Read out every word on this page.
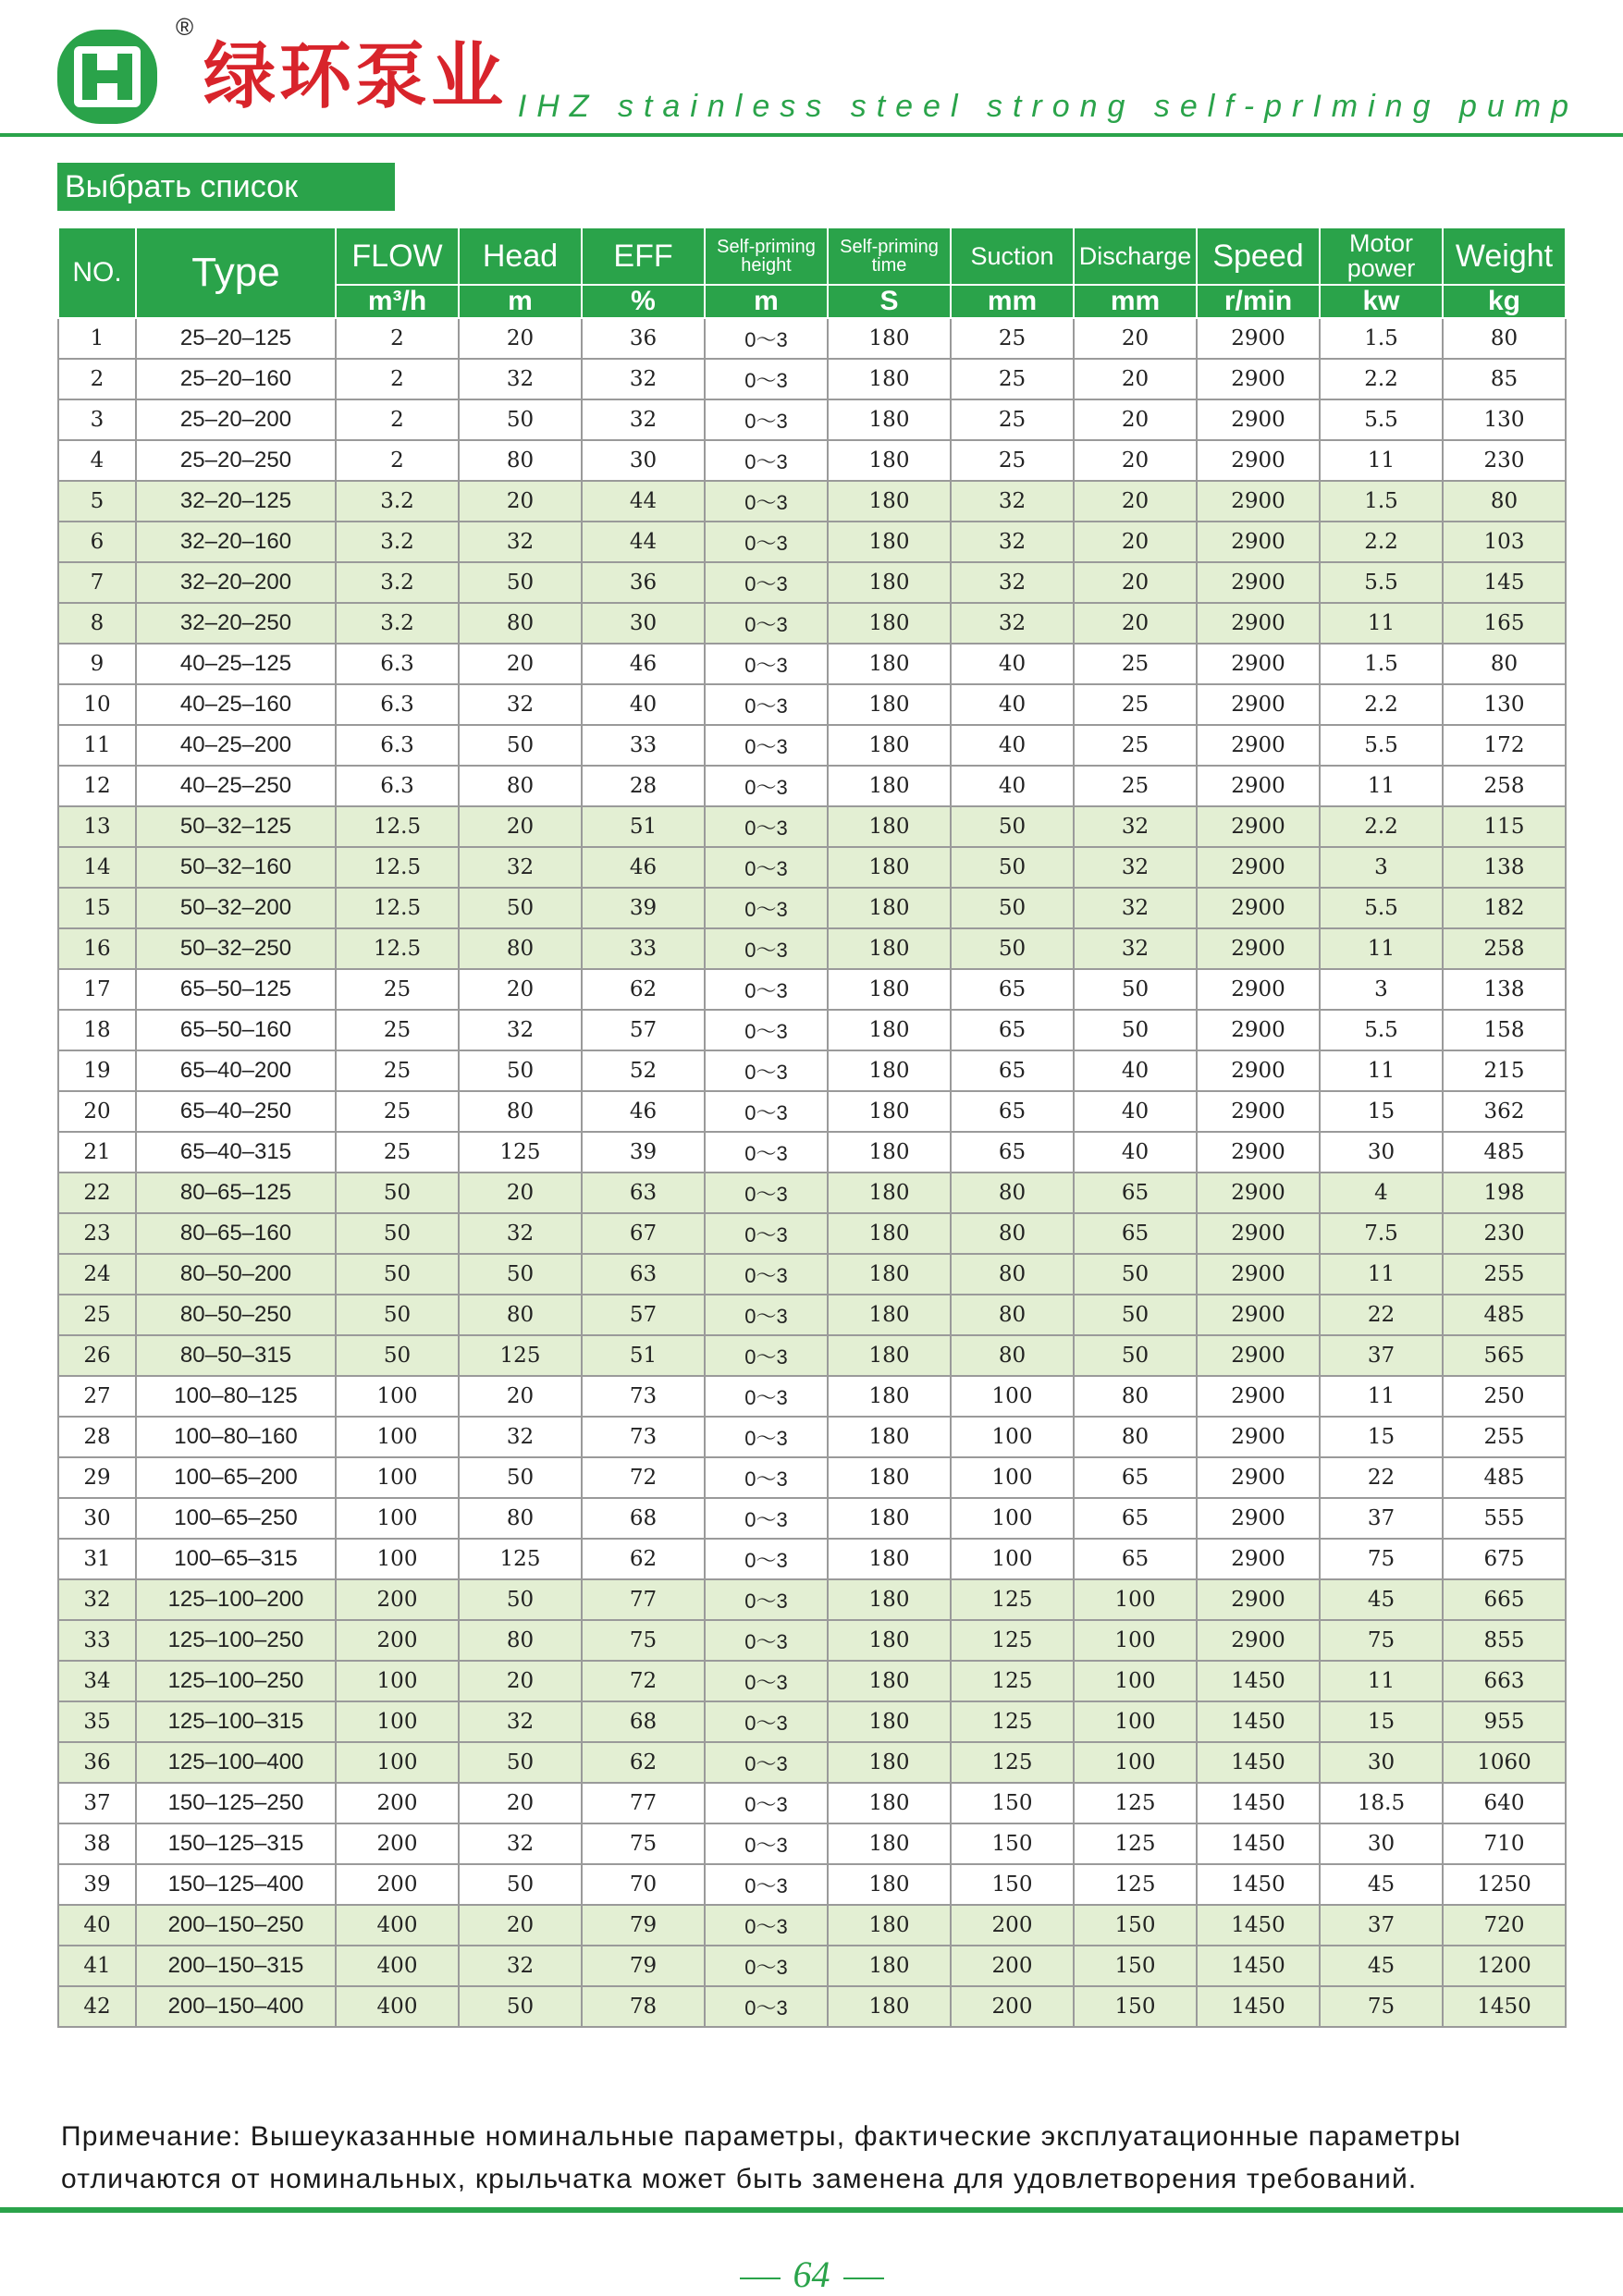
®
绿环泵业 IHZ stainless steel strong self-prIming pump
Выбрать список
NO.	Type	FLOW	Head	EFF	Self-priming height	Self-priming time	Suction	Discharge	Speed	Motor power	Weight
		m³/h	m	%	m	S	mm	mm	r/min	kw	kg
1	25–20–125	2	20	36	0～3	180	25	20	2900	1.5	80
2	25–20–160	2	32	32	0～3	180	25	20	2900	2.2	85
3	25–20–200	2	50	32	0～3	180	25	20	2900	5.5	130
4	25–20–250	2	80	30	0～3	180	25	20	2900	11	230
5	32–20–125	3.2	20	44	0～3	180	32	20	2900	1.5	80
6	32–20–160	3.2	32	44	0～3	180	32	20	2900	2.2	103
7	32–20–200	3.2	50	36	0～3	180	32	20	2900	5.5	145
8	32–20–250	3.2	80	30	0～3	180	32	20	2900	11	165
9	40–25–125	6.3	20	46	0～3	180	40	25	2900	1.5	80
10	40–25–160	6.3	32	40	0～3	180	40	25	2900	2.2	130
11	40–25–200	6.3	50	33	0～3	180	40	25	2900	5.5	172
12	40–25–250	6.3	80	28	0～3	180	40	25	2900	11	258
13	50–32–125	12.5	20	51	0～3	180	50	32	2900	2.2	115
14	50–32–160	12.5	32	46	0～3	180	50	32	2900	3	138
15	50–32–200	12.5	50	39	0～3	180	50	32	2900	5.5	182
16	50–32–250	12.5	80	33	0～3	180	50	32	2900	11	258
17	65–50–125	25	20	62	0～3	180	65	50	2900	3	138
18	65–50–160	25	32	57	0～3	180	65	50	2900	5.5	158
19	65–40–200	25	50	52	0～3	180	65	40	2900	11	215
20	65–40–250	25	80	46	0～3	180	65	40	2900	15	362
21	65–40–315	25	125	39	0～3	180	65	40	2900	30	485
22	80–65–125	50	20	63	0～3	180	80	65	2900	4	198
23	80–65–160	50	32	67	0～3	180	80	65	2900	7.5	230
24	80–50–200	50	50	63	0～3	180	80	50	2900	11	255
25	80–50–250	50	80	57	0～3	180	80	50	2900	22	485
26	80–50–315	50	125	51	0～3	180	80	50	2900	37	565
27	100–80–125	100	20	73	0～3	180	100	80	2900	11	250
28	100–80–160	100	32	73	0～3	180	100	80	2900	15	255
29	100–65–200	100	50	72	0～3	180	100	65	2900	22	485
30	100–65–250	100	80	68	0～3	180	100	65	2900	37	555
31	100–65–315	100	125	62	0～3	180	100	65	2900	75	675
32	125–100–200	200	50	77	0～3	180	125	100	2900	45	665
33	125–100–250	200	80	75	0～3	180	125	100	2900	75	855
34	125–100–250	100	20	72	0～3	180	125	100	1450	11	663
35	125–100–315	100	32	68	0～3	180	125	100	1450	15	955
36	125–100–400	100	50	62	0～3	180	125	100	1450	30	1060
37	150–125–250	200	20	77	0～3	180	150	125	1450	18.5	640
38	150–125–315	200	32	75	0～3	180	150	125	1450	30	710
39	150–125–400	200	50	70	0～3	180	150	125	1450	45	1250
40	200–150–250	400	20	79	0～3	180	200	150	1450	37	720
41	200–150–315	400	32	79	0～3	180	200	150	1450	45	1200
42	200–150–400	400	50	78	0～3	180	200	150	1450	75	1450
Примечание: Вышеуказанные номинальные параметры, фактические эксплуатационные параметры
отличаются от номинальных, крыльчатка может быть заменена для удовлетворения требований.
64
